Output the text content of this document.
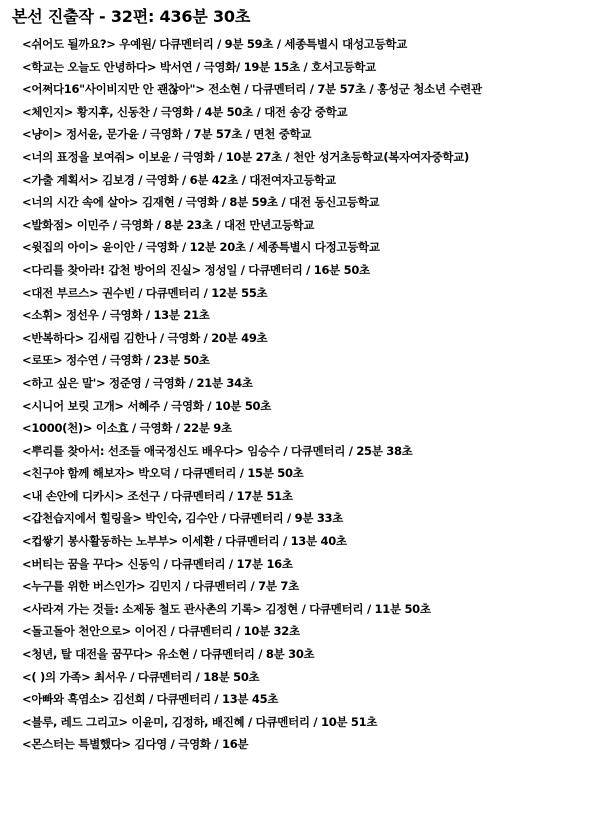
본선 진출작 - 32편: 436분 30초
<쉬어도 될까요?> 우예원/ 다큐멘터리 / 9분 59초 / 세종특별시 대성고등학교
<학교는 오늘도 안녕하다> 박서연 / 극영화/ 19분 15초 / 호서고등학교
<어쩌다16"사이비지만 안 괜찮아"> 전소현 / 다큐멘터리 / 7분 57초 / 홍성군 청소년 수련관
<체인지> 황지후, 신동찬 / 극영화 / 4분 50초 / 대전 송강 중학교
<냥이> 정서윤, 문가윤 / 극영화 / 7분 57초 / 면천 중학교
<너의 표정을 보여줘> 이보윤 / 극영화 / 10분 27초 / 천안 성거초등학교(복자여자중학교)
<가출 계획서> 김보경 / 극영화 / 6분 42초 / 대전여자고등학교
<너의 시간 속에 살아> 김재현 / 극영화 / 8분 59초 / 대전 동신고등학교
<발화점> 이민주 / 극영화 / 8분 23초 / 대전 만년고등학교
<윗집의 아이> 윤이안 / 극영화 / 12분 20초 / 세종특별시 다정고등학교
<다리를 찾아라! 갑천 방어의 진실> 정성일 / 다큐멘터리 / 16분 50초
<대전 부르스> 권수빈 / 다큐멘터리 / 12분 55초
<소휘> 정선우 / 극영화 / 13분 21초
<반복하다> 김새림 김한나 / 극영화 / 20분 49초
<로또> 정수연 / 극영화 / 23분 50초
<하고 싶은 말'> 정준영 / 극영화 / 21분 34초
<시니어 보릿 고개> 서혜주 / 극영화 / 10분 50초
<1000(천)> 이소효 / 극영화 / 22분 9초
<뿌리를 찾아서: 선조들 애국정신도 배우다> 임승수 / 다큐멘터리 / 25분 38초
<친구야 함께 해보자> 박오덕 / 다큐멘터리 / 15분 50초
<내 손안에 디카시> 조선구 / 다큐멘터리 / 17분 51초
<갑천습지에서 힐링을> 박인숙, 김수안 / 다큐멘터리 / 9분 33초
<컵쌓기 봉사활동하는 노부부> 이세환 / 다큐멘터리 / 13분 40초
<버티는 꿈을 꾸다> 신동익 / 다큐멘터리 / 17분 16초
<누구를 위한 버스인가> 김민지 / 다큐멘터리 / 7분 7초
<사라져 가는 것들: 소제동 철도 관사촌의 기록> 김정현 / 다큐멘터리 / 11분 50초
<돌고돌아 천안으로> 이어진 / 다큐멘터리 / 10분 32초
<청년, 탈 대전을 꿈꾸다> 유소현 / 다큐멘터리 / 8분 30초
<( )의 가족> 최서우 / 다큐멘터리 / 18분 50초
<아빠와 흑염소> 김선희 / 다큐멘터리 / 13분 45초
<블루, 레드 그리고> 이윤미, 김정하, 배진혜 / 다큐멘터리 / 10분 51초
<몬스터는 특별했다> 김다영 / 극영화 / 16분
